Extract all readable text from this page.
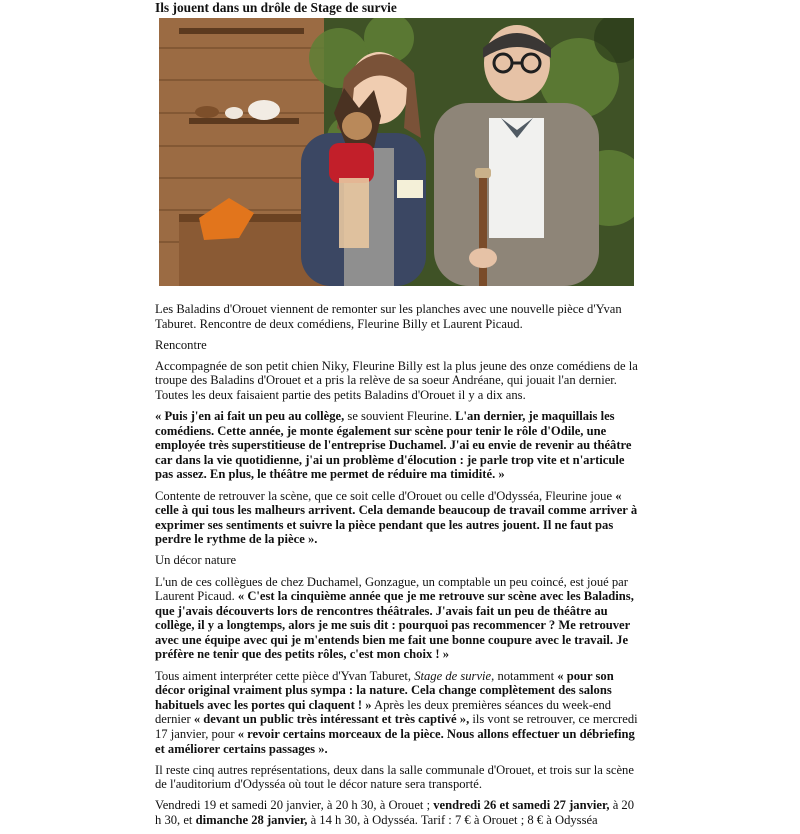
Ils jouent dans un drôle de Stage de survie

Les Baladins d'Orouet viennent de remonter sur les planches avec une nouvelle pièce d'Yvan Taburet. Rencontre de deux comédiens, Fleurine Billy et Laurent Picaud.

Rencontre

Accompagnée de son petit chien Niky, Fleurine Billy est la plus jeune des onze comédiens de la troupe des Baladins d'Orouet et a pris la relève de sa soeur Andréane, qui jouait l'an dernier. Toutes les deux faisaient partie des petits Baladins d'Orouet il y a dix ans.

« Puis j'en ai fait un peu au collège, se souvient Fleurine. L'an dernier, je maquillais les comédiens. Cette année, je monte également sur scène pour tenir le rôle d'Odile, une employée très superstitieuse de l'entreprise Duchamel. J'ai eu envie de revenir au théâtre car dans la vie quotidienne, j'ai un problème d'élocution : je parle trop vite et n'articule pas assez. En plus, le théâtre me permet de réduire ma timidité. »

Contente de retrouver la scène, que ce soit celle d'Orouet ou celle d'Odysséa, Fleurine joue « celle à qui tous les malheurs arrivent. Cela demande beaucoup de travail comme arriver à exprimer ses sentiments et suivre la pièce pendant que les autres jouent. Il ne faut pas perdre le rythme de la pièce ».

Un décor nature

L'un de ces collègues de chez Duchamel, Gonzague, un comptable un peu coincé, est joué par Laurent Picaud. « C'est la cinquième année que je me retrouve sur scène avec les Baladins, que j'avais découverts lors de rencontres théâtrales. J'avais fait un peu de théâtre au collège, il y a longtemps, alors je me suis dit : pourquoi pas recommencer ? Me retrouver avec une équipe avec qui je m'entends bien me fait une bonne coupure avec le travail. Je préfère ne tenir que des petits rôles, c'est mon choix ! »

Tous aiment interpréter cette pièce d'Yvan Taburet, Stage de survie, notamment « pour son décor original vraiment plus sympa : la nature. Cela change complètement des salons habituels avec les portes qui claquent ! » Après les deux premières séances du week-end dernier « devant un public très intéressant et très captivé », ils vont se retrouver, ce mercredi 17 janvier, pour « revoir certains morceaux de la pièce. Nous allons effectuer un débriefing et améliorer certains passages ».

Il reste cinq autres représentations, deux dans la salle communale d'Orouet, et trois sur la scène de l'auditorium d'Odysséa où tout le décor nature sera transporté.

Vendredi 19 et samedi 20 janvier, à 20 h 30, à Orouet ; vendredi 26 et samedi 27 janvier, à 20 h 30, et dimanche 28 janvier, à 14 h 30, à Odysséa. Tarif : 7 € à Orouet ; 8 € à Odysséa
